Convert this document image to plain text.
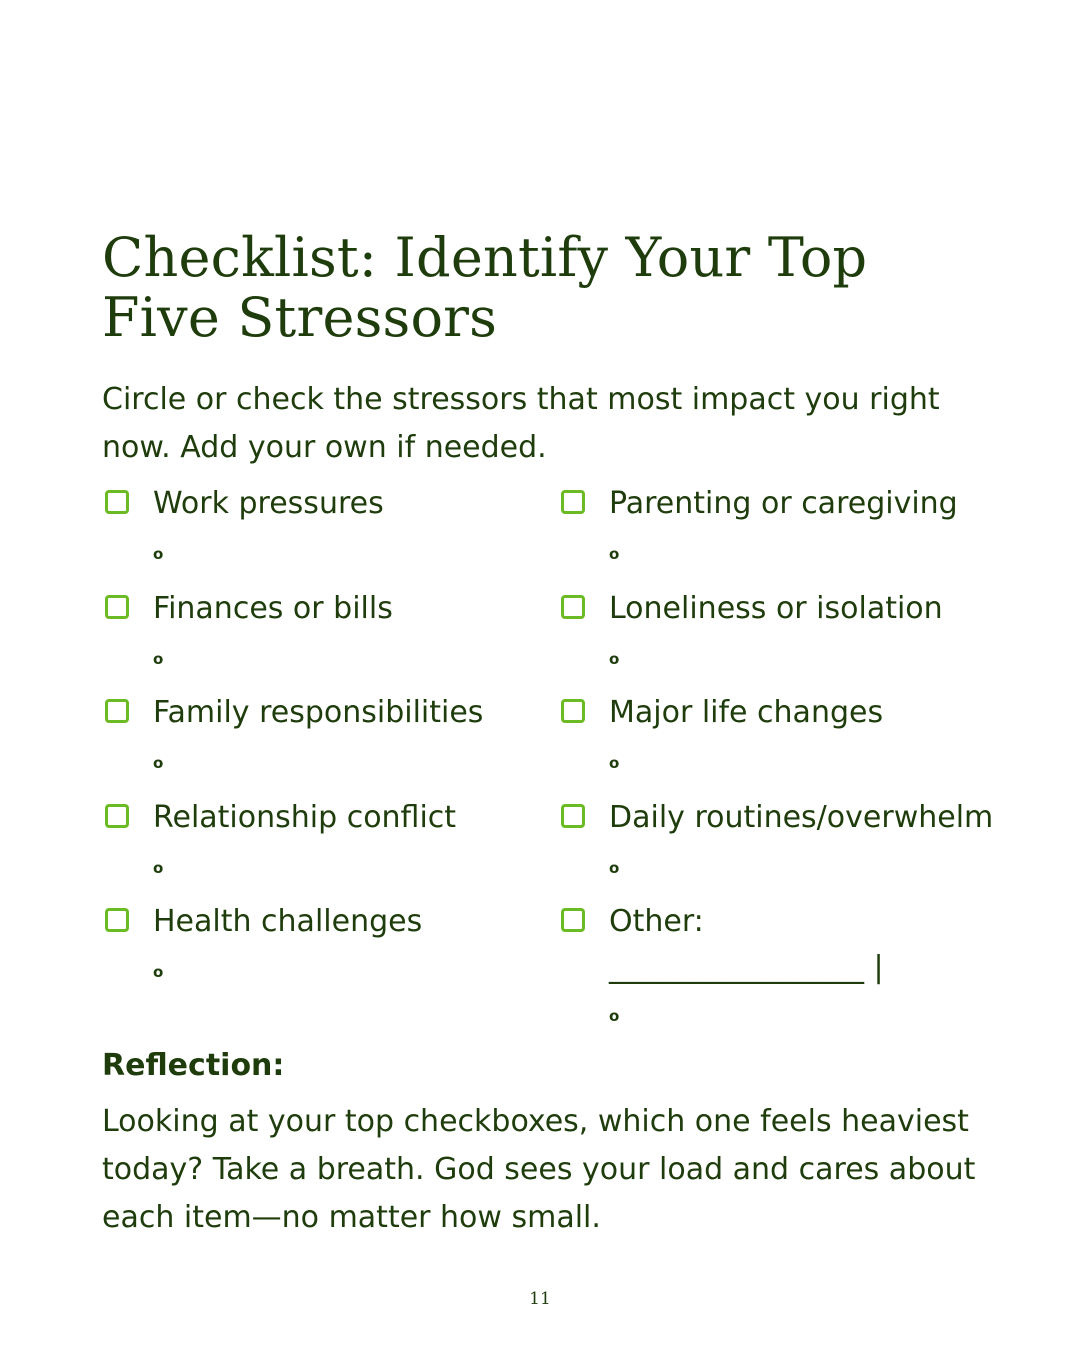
Checklist: Identify Your Top Five Stressors

Circle or check the stressors that most impact you right now. Add your own if needed.

Work pressures
o
Finances or bills
o
Family responsibilities
o
Relationship conflict
o
Health challenges
o
Parenting or caregiving
o
Loneliness or isolation
o
Major life changes
o
Daily routines/overwhelm
o
Other:
_________________ |
o
Reflection:

Looking at your top checkboxes, which one feels heaviest today? Take a breath. God sees your load and cares about each item—no matter how small.

11
